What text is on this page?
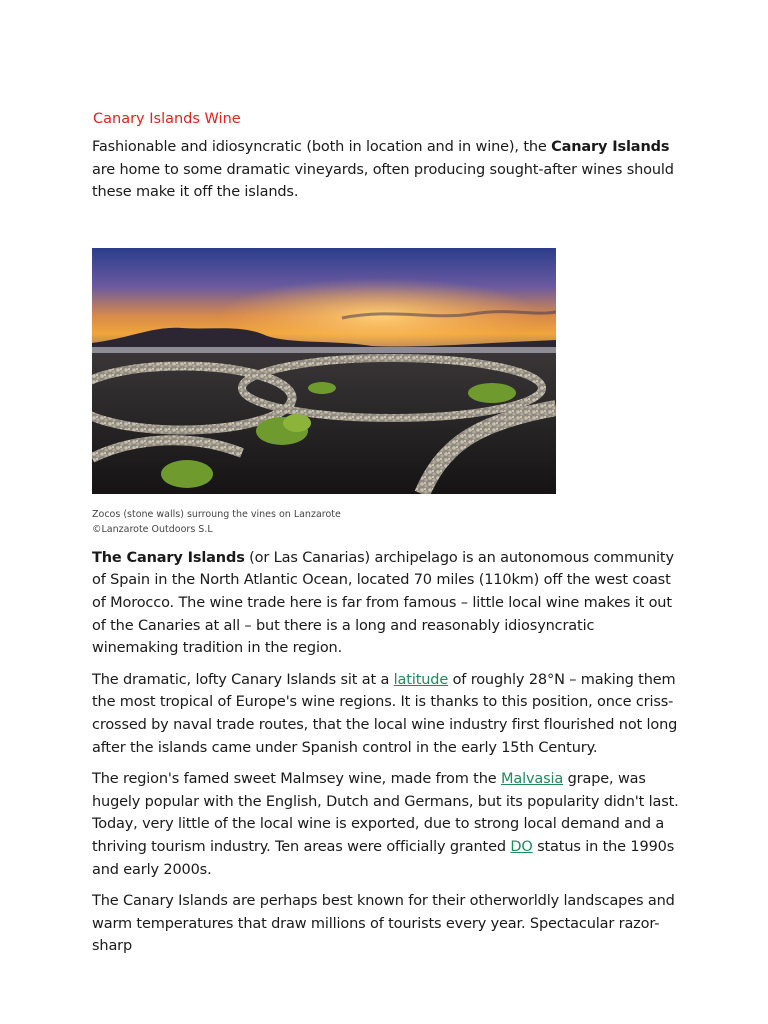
Canary Islands Wine

Fashionable and idiosyncratic (both in location and in wine), the Canary Islands are home to some dramatic vineyards, often producing sought-after wines should these make it off the islands.

Zocos (stone walls) surroung the vines on Lanzarote
©Lanzarote Outdoors S.L

The Canary Islands (or Las Canarias) archipelago is an autonomous community of Spain in the North Atlantic Ocean, located 70 miles (110km) off the west coast of Morocco. The wine trade here is far from famous – little local wine makes it out of the Canaries at all – but there is a long and reasonably idiosyncratic winemaking tradition in the region.

The dramatic, lofty Canary Islands sit at a latitude of roughly 28°N – making them the most tropical of Europe's wine regions. It is thanks to this position, once criss-crossed by naval trade routes, that the local wine industry first flourished not long after the islands came under Spanish control in the early 15th Century.

The region's famed sweet Malmsey wine, made from the Malvasia grape, was hugely popular with the English, Dutch and Germans, but its popularity didn't last. Today, very little of the local wine is exported, due to strong local demand and a thriving tourism industry. Ten areas were officially granted DO status in the 1990s and early 2000s.

The Canary Islands are perhaps best known for their otherworldly landscapes and warm temperatures that draw millions of tourists every year. Spectacular razor-sharp
